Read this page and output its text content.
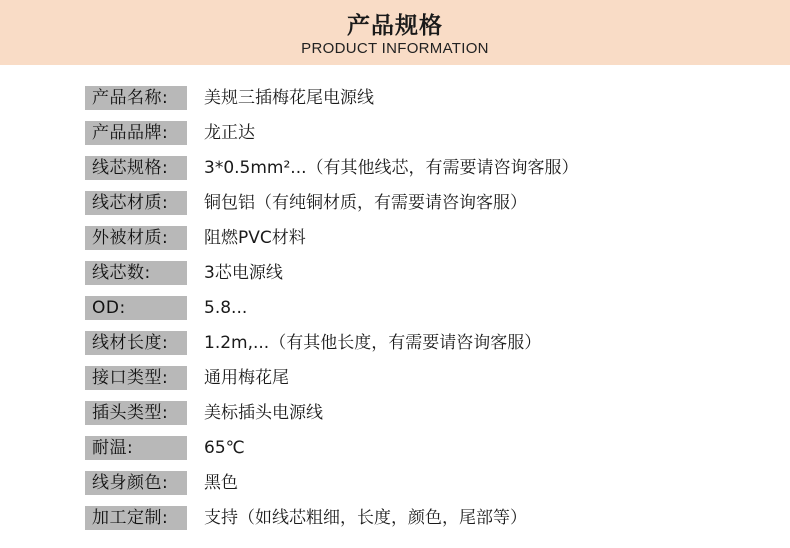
产品规格
PRODUCT INFORMATION
产品名称:	美规三插梅花尾电源线
产品品牌:	龙正达
线芯规格:	3*0.5mm²...（有其他线芯，有需要请咨询客服）
线芯材质:	铜包铝（有纯铜材质，有需要请咨询客服）
外被材质:	阻燃PVC材料
线芯数:	3芯电源线
OD:	5.8...
线材长度:	1.2m,...（有其他长度，有需要请咨询客服）
接口类型:	通用梅花尾
插头类型:	美标插头电源线
耐温:	65℃
线身颜色:	黑色
加工定制:	支持（如线芯粗细，长度，颜色，尾部等）
